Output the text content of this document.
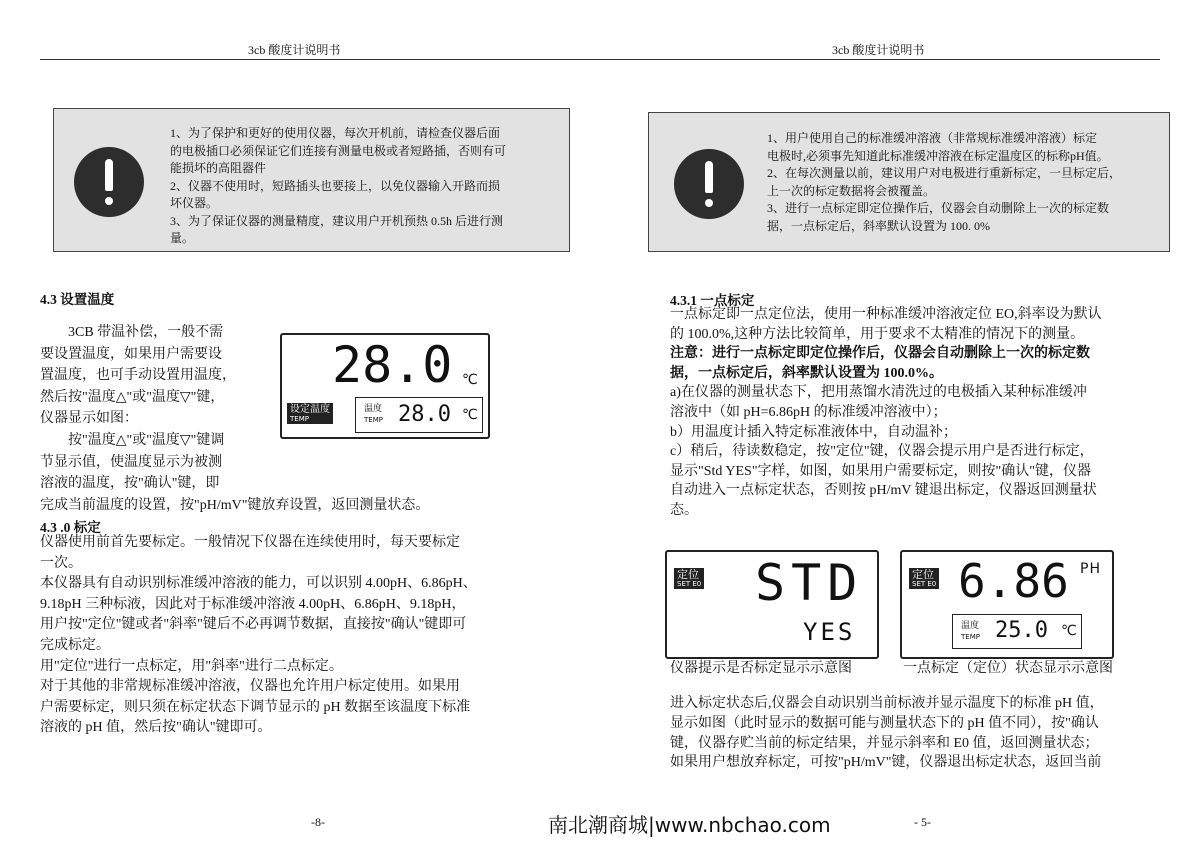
3cb 酸度计说明书	3cb 酸度计说明书
1、为了保护和更好的使用仪器，每次开机前，请检查仪器后面
的电极插口必须保证它们连接有测量电极或者短路插，否则有可
能损坏的高阻器件
2、仪器不使用时，短路插头也要接上，以免仪器输入开路而损
坏仪器。
3、为了保证仪器的测量精度，建议用户开机预热 0.5h 后进行测
量。
1、用户使用自己的标准缓冲溶液（非常规标准缓冲溶液）标定
电极时,必须事先知道此标准缓冲溶液在标定温度区的标称pH值。
2、在每次测量以前，建议用户对电极进行重新标定，一旦标定后，
上一次的标定数据将会被覆盖。
3、进行一点标定即定位操作后，仪器会自动删除上一次的标定数
据，一点标定后，斜率默认设置为 100. 0%
4.3 设置温度
　　3CB 带温补偿，一般不需
要设置温度，如果用户需要设
置温度，也可手动设置用温度，
然后按"温度△"或"温度▽"键，
仪器显示如图：
　　按"温度△"或"温度▽"键调
节显示值，使温度显示为被测
溶液的温度，按"确认"键，即
完成当前温度的设置，按"pH/mV"键放弃设置，返回测量状态。
28.0 ℃
设定温度
TEMP
温度
TEMP 28.0 ℃
4.3 .0 标定
仪器使用前首先要标定。一般情况下仪器在连续使用时，每天要标定
一次。
本仪器具有自动识别标准缓冲溶液的能力，可以识别 4.00pH、6.86pH、
9.18pH 三种标液，因此对于标准缓冲溶液 4.00pH、6.86pH、9.18pH，
用户按"定位"键或者"斜率"键后不必再调节数据，直接按"确认"键即可
完成标定。
用"定位"进行一点标定，用"斜率"进行二点标定。
对于其他的非常规标准缓冲溶液，仪器也允许用户标定使用。如果用
户需要标定，则只须在标定状态下调节显示的 pH 数据至该温度下标准
溶液的 pH 值，然后按"确认"键即可。
4.3.1 一点标定
一点标定即一点定位法，使用一种标准缓冲溶液定位 EO,斜率设为默认
的 100.0%,这种方法比较简单，用于要求不太精准的情况下的测量。
注意：进行一点标定即定位操作后，仪器会自动删除上一次的标定数
据，一点标定后，斜率默认设置为 100.0%。
a)在仪器的测量状态下，把用蒸馏水清洗过的电极插入某种标准缓冲
溶液中（如 pH=6.86pH 的标准缓冲溶液中）；
b）用温度计插入特定标准液体中，自动温补；
c）稍后，待读数稳定，按"定位"键，仪器会提示用户是否进行标定，
显示"Std YES"字样，如图，如果用户需要标定，则按"确认"键，仪器
自动进入一点标定状态，否则按 pH/mV 键退出标定，仪器返回测量状
态。
定位
SET E0 STD
YES
定位
SET E0 6.86 PH
温度
TEMP 25.0 ℃
仪器提示是否标定显示示意图	一点标定（定位）状态显示示意图
进入标定状态后,仪器会自动识别当前标液并显示温度下的标准 pH 值，
显示如图（此时显示的数据可能与测量状态下的 pH 值不同），按"确认
键，仪器存贮当前的标定结果，并显示斜率和 E0 值，返回测量状态；
如果用户想放弃标定，可按"pH/mV"键，仪器退出标定状态，返回当前
-8-	- 5-
南北潮商城|www.nbchao.com
